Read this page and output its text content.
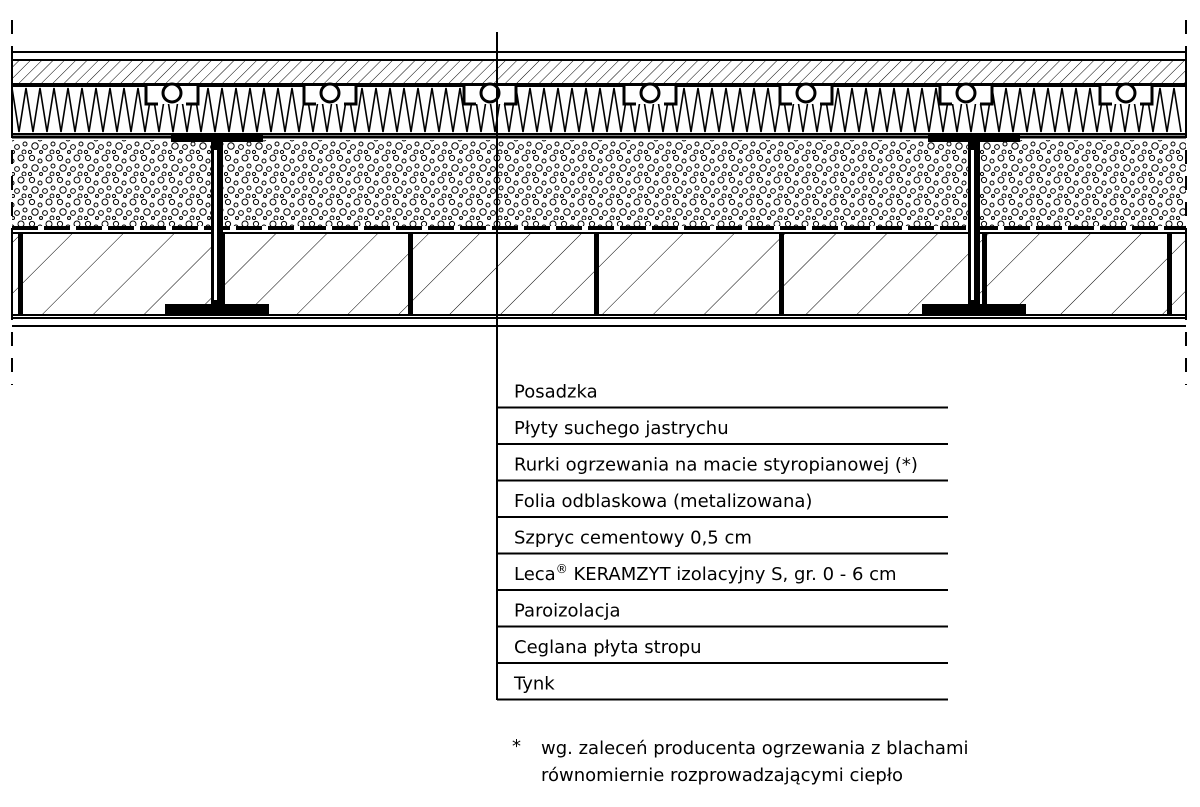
Posadzka
Płyty suchego jastrychu
Rurki ogrzewania na macie styropianowej (*)
Folia odblaskowa (metalizowana)
Szpryc cementowy 0,5 cm
Leca® KERAMZYT izolacyjny S, gr. 0 - 6 cm
Paroizolacja
Ceglana płyta stropu
Tynk
* wg. zaleceń producenta ogrzewania z blachami
równomiernie rozprowadzającymi ciepło
